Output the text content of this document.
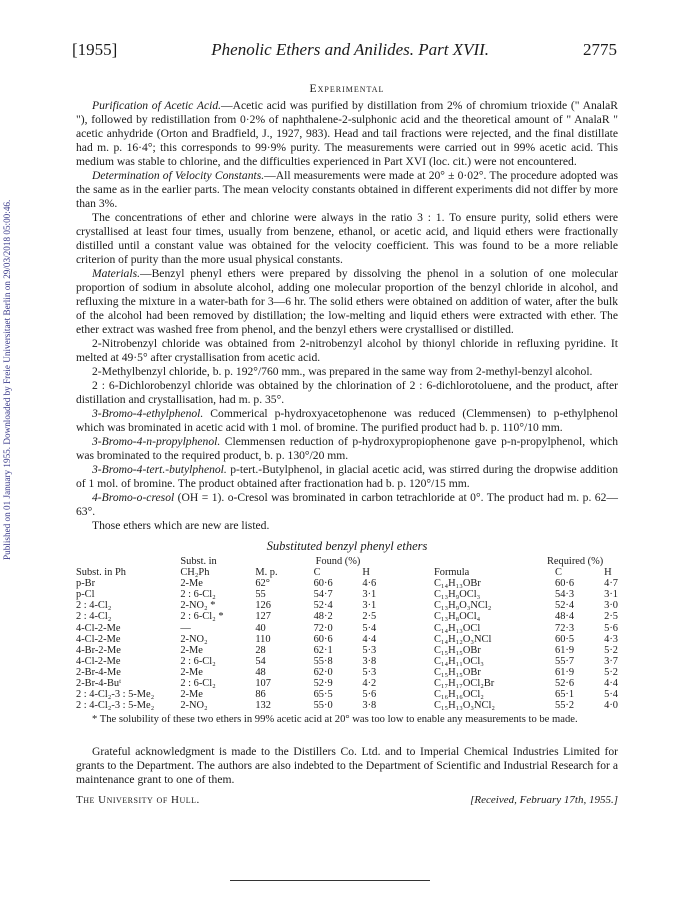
Published on 01 January 1955. Downloaded by Freie Universitaet Berlin on 29/03/2018 05:00:46.
[1955]	Phenolic Ethers and Anilides. Part XVII.	2775
Experimental

Purification of Acetic Acid.—Acetic acid was purified by distillation from 2% of chromium trioxide (" AnalaR "), followed by redistillation from 0·2% of naphthalene-2-sulphonic acid and the theoretical amount of " AnalaR " acetic anhydride (Orton and Bradfield, J., 1927, 983). Head and tail fractions were rejected, and the final distillate had m. p. 16·4°; this corresponds to 99·9% purity. The measurements were carried out in 99% acetic acid. This medium was stable to chlorine, and the difficulties experienced in Part XVI (loc. cit.) were not encountered.

Determination of Velocity Constants.—All measurements were made at 20° ± 0·02°. The procedure adopted was the same as in the earlier parts. The mean velocity constants obtained in different experiments did not differ by more than 3%.

The concentrations of ether and chlorine were always in the ratio 3 : 1. To ensure purity, solid ethers were crystallised at least four times, usually from benzene, ethanol, or acetic acid, and liquid ethers were fractionally distilled until a constant value was obtained for the velocity coefficient. This was found to be a more reliable criterion of purity than the more usual physical constants.

Materials.—Benzyl phenyl ethers were prepared by dissolving the phenol in a solution of one molecular proportion of sodium in absolute alcohol, adding one molecular proportion of the benzyl chloride in alcohol, and refluxing the mixture in a water-bath for 3—6 hr. The solid ethers were obtained on addition of water, after the bulk of the alcohol had been removed by distillation; the low-melting and liquid ethers were extracted with ether. The ether extract was washed free from phenol, and the benzyl ethers were crystallised or distilled.

2-Nitrobenzyl chloride was obtained from 2-nitrobenzyl alcohol by thionyl chloride in refluxing pyridine. It melted at 49·5° after crystallisation from acetic acid.

2-Methylbenzyl chloride, b. p. 192°/760 mm., was prepared in the same way from 2-methyl-benzyl alcohol.

2 : 6-Dichlorobenzyl chloride was obtained by the chlorination of 2 : 6-dichlorotoluene, and the product, after distillation and crystallisation, had m. p. 35°.

3-Bromo-4-ethylphenol. Commerical p-hydroxyacetophenone was reduced (Clemmensen) to p-ethylphenol which was brominated in acetic acid with 1 mol. of bromine. The purified product had b. p. 110°/10 mm.

3-Bromo-4-n-propylphenol. Clemmensen reduction of p-hydroxypropiophenone gave p-n-propylphenol, which was brominated to the required product, b. p. 130°/20 mm.

3-Bromo-4-tert.-butylphenol. p-tert.-Butylphenol, in glacial acetic acid, was stirred during the dropwise addition of 1 mol. of bromine. The product obtained after fractionation had b. p. 120°/15 mm.

4-Bromo-o-cresol (OH = 1). o-Cresol was brominated in carbon tetrachloride at 0°. The product had m. p. 62—63°.

Those ethers which are new are listed.

Substituted benzyl phenyl ethers
	Subst. in		Found (%)			Required (%)	
Subst. in Ph	CH₂Ph	M. p.	C	H	Formula	C	H
p-Br	2-Me	62°	60·6	4·6	C₁₄H₁₃OBr	60·6	4·7
p-Cl	2 : 6-Cl₂	55	54·7	3·1	C₁₃H₉OCl₃	54·3	3·1
2 : 4-Cl₂	2-NO₂ *	126	52·4	3·1	C₁₃H₉O₃NCl₂	52·4	3·0
2 : 4-Cl₂	2 : 6-Cl₂ *	127	48·2	2·5	C₁₃H₈OCl₄	48·4	2·5
4-Cl-2-Me	—	40	72·0	5·4	C₁₄H₁₃OCl	72·3	5·6
4-Cl-2-Me	2-NO₂	110	60·6	4·4	C₁₄H₁₂O₃NCl	60·5	4·3
4-Br-2-Me	2-Me	28	62·1	5·3	C₁₅H₁₅OBr	61·9	5·2
4-Cl-2-Me	2 : 6-Cl₂	54	55·8	3·8	C₁₄H₁₁OCl₃	55·7	3·7
2-Br-4-Me	2-Me	48	62·0	5·3	C₁₅H₁₅OBr	61·9	5·2
2-Br-4-Buᵗ	2 : 6-Cl₂	107	52·9	4·2	C₁₇H₁₇OCl₂Br	52·6	4·4
2 : 4-Cl₂-3 : 5-Me₂	2-Me	86	65·5	5·6	C₁₆H₁₆OCl₂	65·1	5·4
2 : 4-Cl₂-3 : 5-Me₂	2-NO₂	132	55·0	3·8	C₁₅H₁₃O₃NCl₂	55·2	4·0
* The solubility of these two ethers in 99% acetic acid at 20° was too low to enable any measurements to be made.

Grateful acknowledgment is made to the Distillers Co. Ltd. and to Imperial Chemical Industries Limited for grants to the Department. The authors are also indebted to the Department of Scientific and Industrial Research for a maintenance grant to one of them.

The University of Hull.	[Received, February 17th, 1955.]
